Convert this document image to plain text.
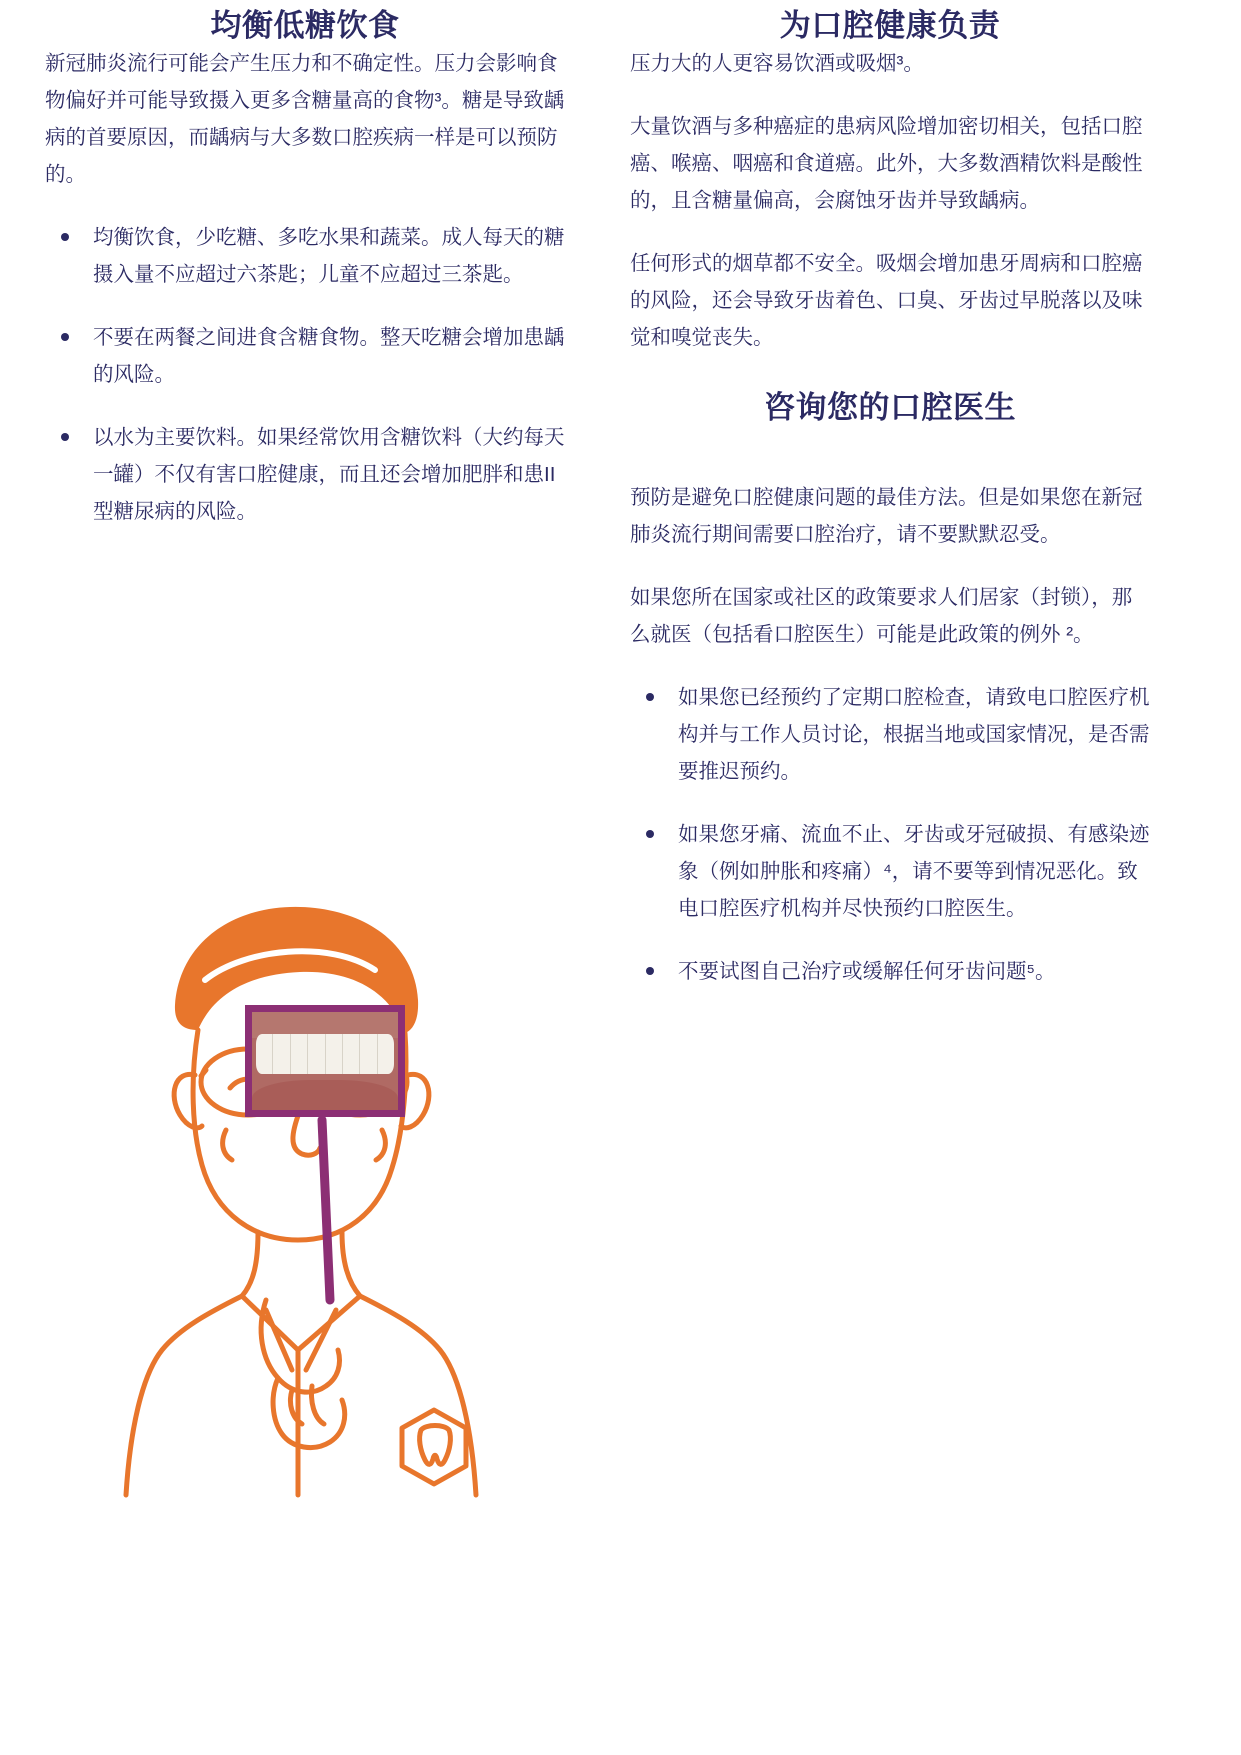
均衡低糖饮食

新冠肺炎流行可能会产生压力和不确定性。压力会影响食物偏好并可能导致摄入更多含糖量高的食物³。糖是导致龋病的首要原因，而龋病与大多数口腔疾病一样是可以预防的。

均衡饮食，少吃糖、多吃水果和蔬菜。成人每天的糖摄入量不应超过六茶匙；儿童不应超过三茶匙。
不要在两餐之间进食含糖食物。整天吃糖会增加患龋的风险。
以水为主要饮料。如果经常饮用含糖饮料（大约每天一罐）不仅有害口腔健康，而且还会增加肥胖和患II型糖尿病的风险。
为口腔健康负责

压力大的人更容易饮酒或吸烟³。

大量饮酒与多种癌症的患病风险增加密切相关，包括口腔癌、喉癌、咽癌和食道癌。此外，大多数酒精饮料是酸性的，且含糖量偏高，会腐蚀牙齿并导致龋病。

任何形式的烟草都不安全。吸烟会增加患牙周病和口腔癌的风险，还会导致牙齿着色、口臭、牙齿过早脱落以及味觉和嗅觉丧失。

咨询您的口腔医生

预防是避免口腔健康问题的最佳方法。但是如果您在新冠肺炎流行期间需要口腔治疗，请不要默默忍受。

如果您所在国家或社区的政策要求人们居家（封锁），那么就医（包括看口腔医生）可能是此政策的例外 ²。

如果您已经预约了定期口腔检查，请致电口腔医疗机构并与工作人员讨论，根据当地或国家情况，是否需要推迟预约。
如果您牙痛、流血不止、牙齿或牙冠破损、有感染迹象（例如肿胀和疼痛）⁴，请不要等到情况恶化。致电口腔医疗机构并尽快预约口腔医生。
不要试图自己治疗或缓解任何牙齿问题⁵。
